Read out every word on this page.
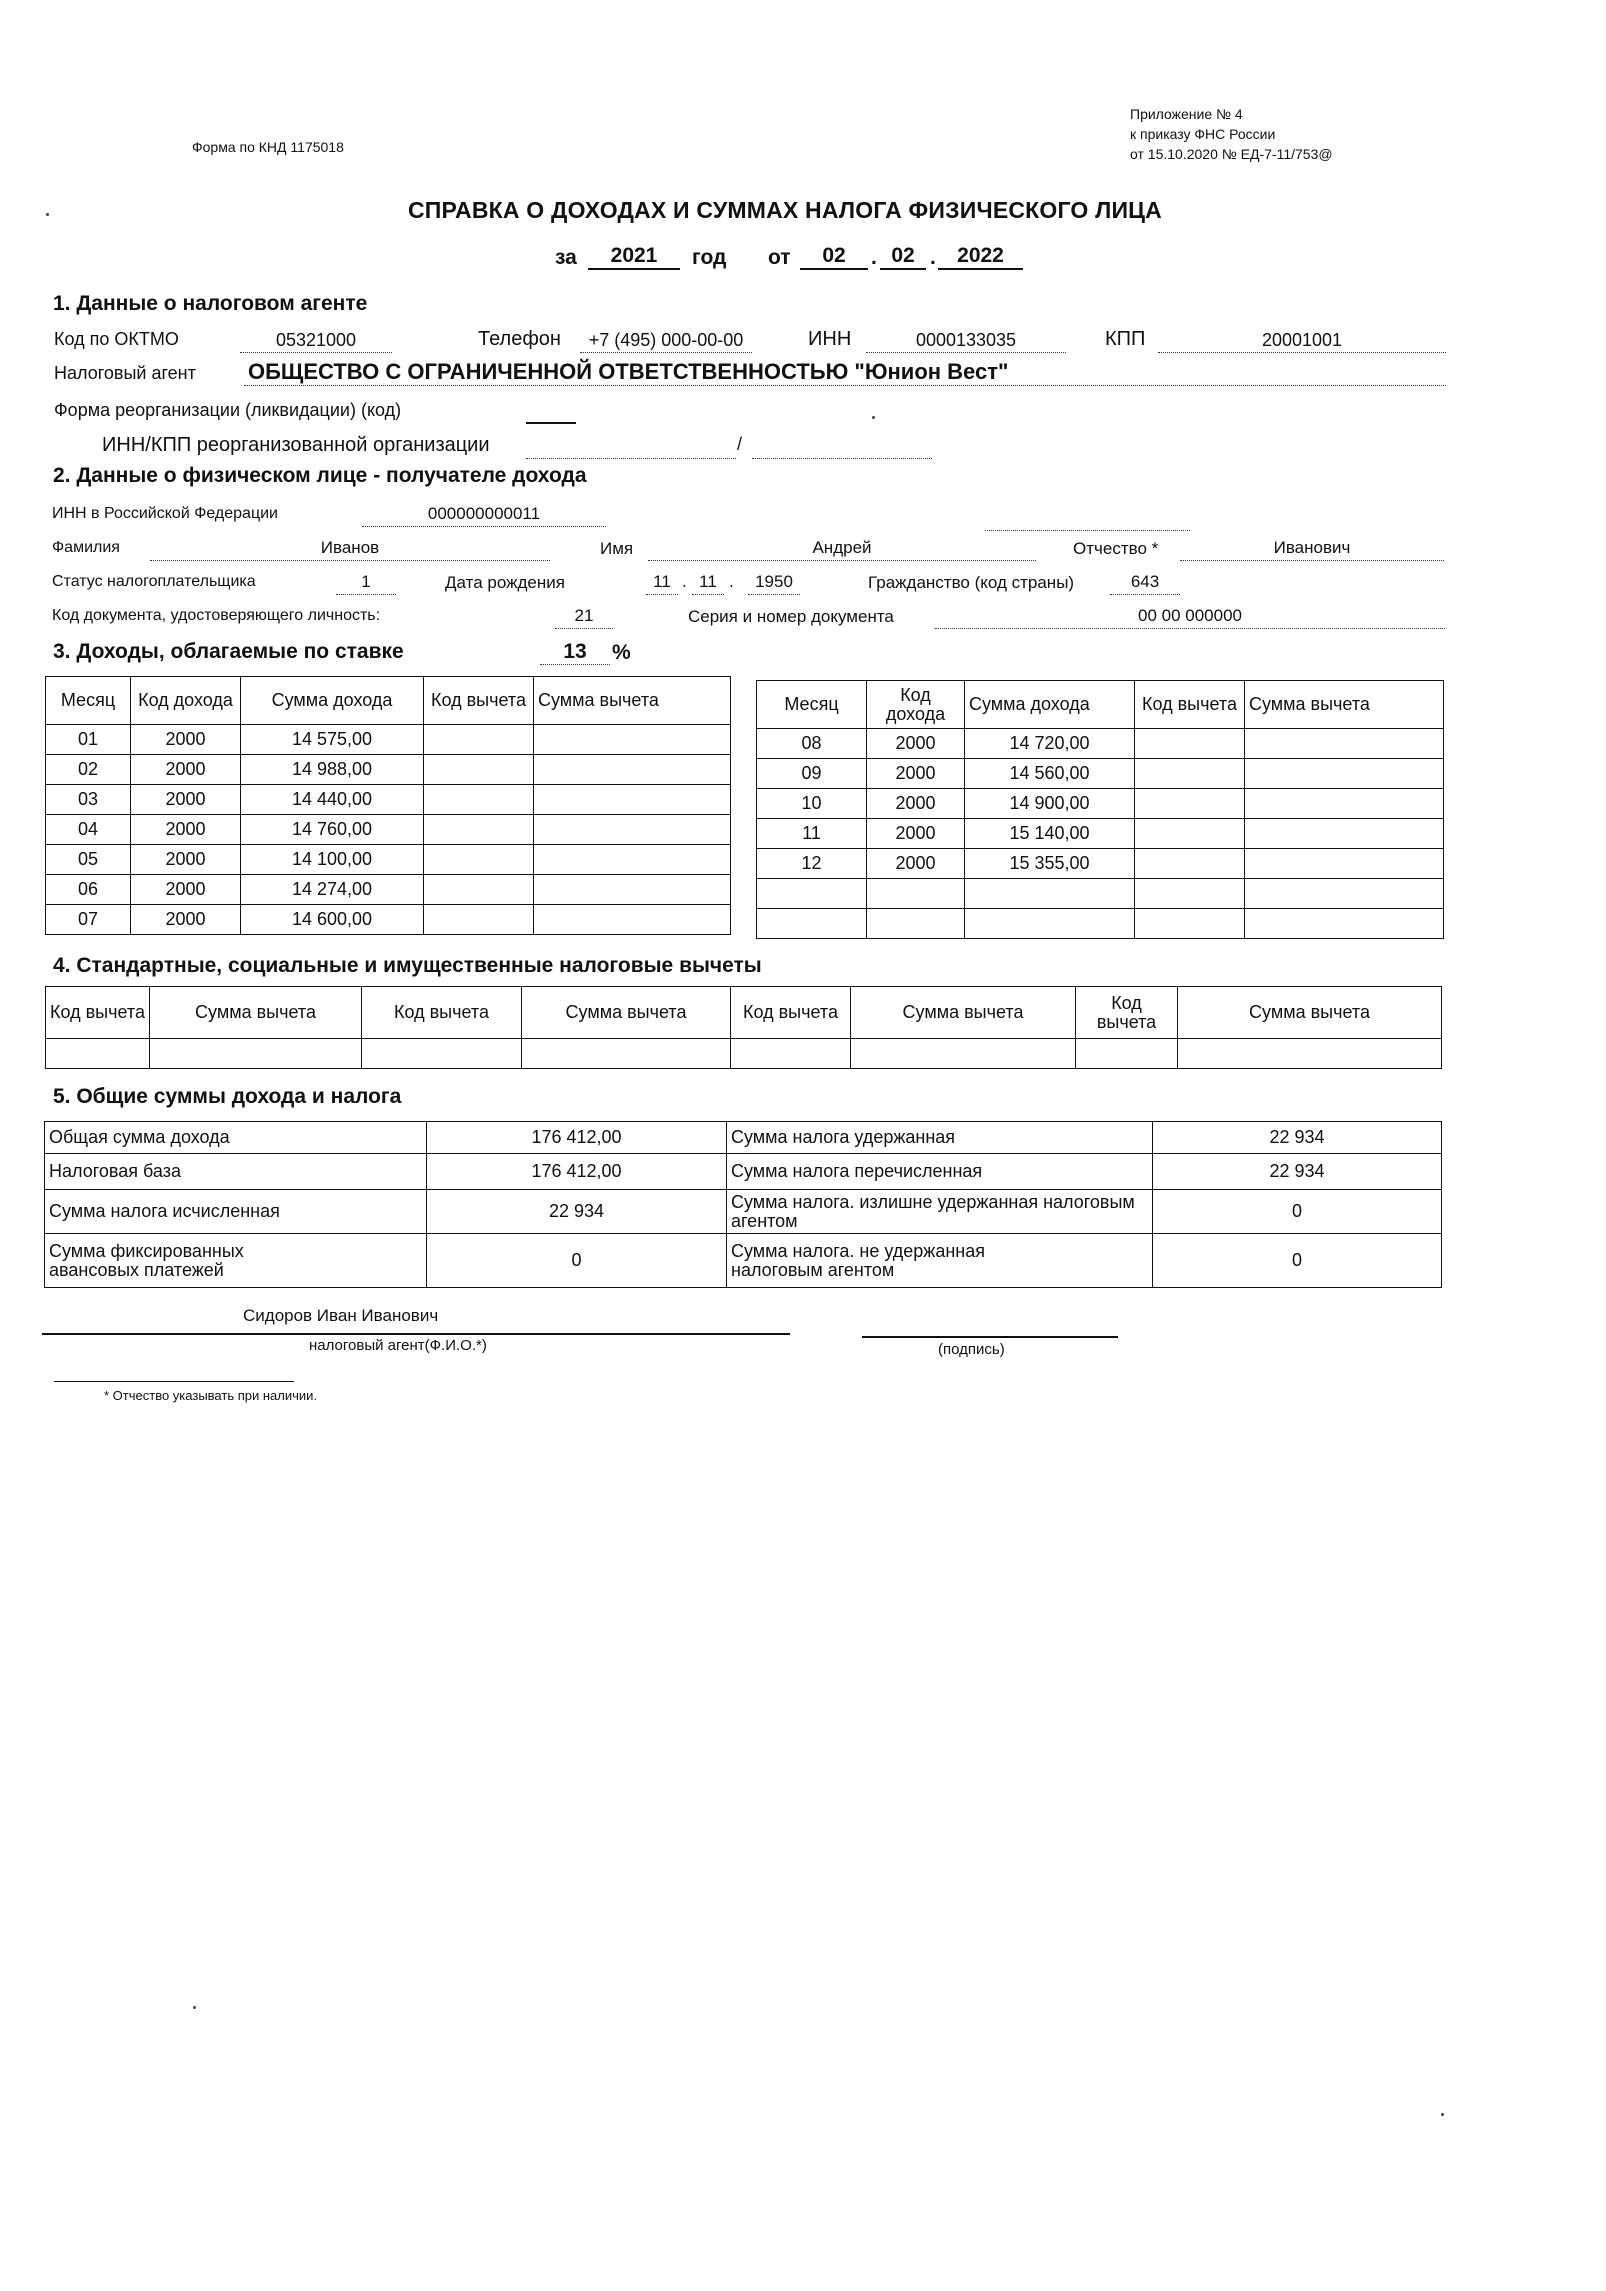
Форма по КНД 1175018
Приложение № 4
к приказу ФНС России
от 15.10.2020 № ЕД-7-11/753@
СПРАВКА О ДОХОДАХ И СУММАХ НАЛОГА ФИЗИЧЕСКОГО ЛИЦА
за	2021	год от	02	. 02 .	2022
1. Данные о налоговом агенте
Код по ОКТМО	05321000	Телефон	+7 (495) 000-00-00	ИНН	0000133035	КПП	20001001
Налоговый агент ОБЩЕСТВО С ОГРАНИЧЕННОЙ ОТВЕТСТВЕННОСТЬЮ "Юнион Вест"
Форма реорганизации (ликвидации) (код)
ИНН/КПП реорганизованной организации	/
2. Данные о физическом лице - получателе дохода
ИНН в Российской Федерации	000000000011
Фамилия	Иванов	Имя	Андрей	Отчество *	Иванович
Статус налогоплательщика	1	Дата рождения	11 . 11 .	1950	Гражданство (код страны)	643
Код документа, удостоверяющего личность:	21	Серия и номер документа	00 00 000000
3. Доходы, облагаемые по ставке	13	%
Месяц	Код дохода	Сумма дохода	Код вычета	Сумма вычета
01	2000	14 575,00		
02	2000	14 988,00		
03	2000	14 440,00		
04	2000	14 760,00		
05	2000	14 100,00		
06	2000	14 274,00		
07	2000	14 600,00		
Месяц	Код дохода	Сумма дохода	Код вычета	Сумма вычета
08	2000	14 720,00		
09	2000	14 560,00		
10	2000	14 900,00		
11	2000	15 140,00		
12	2000	15 355,00		

4. Стандартные, социальные и имущественные налоговые вычеты
Код вычета	Сумма вычета	Код вычета	Сумма вычета	Код вычета	Сумма вычета	Код вычета	Сумма вычета

5. Общие суммы дохода и налога
Общая сумма дохода	176 412,00	Сумма налога удержанная	22 934
Налоговая база	176 412,00	Сумма налога перечисленная	22 934
Сумма налога исчисленная	22 934	Сумма налога. излишне удержанная налоговым агентом	0
Сумма фиксированных авансовых платежей	0	Сумма налога. не удержанная налоговым агентом	0
Сидоров Иван Иванович
налоговый агент(Ф.И.О.*)	(подпись)
* Отчество указывать при наличии.
